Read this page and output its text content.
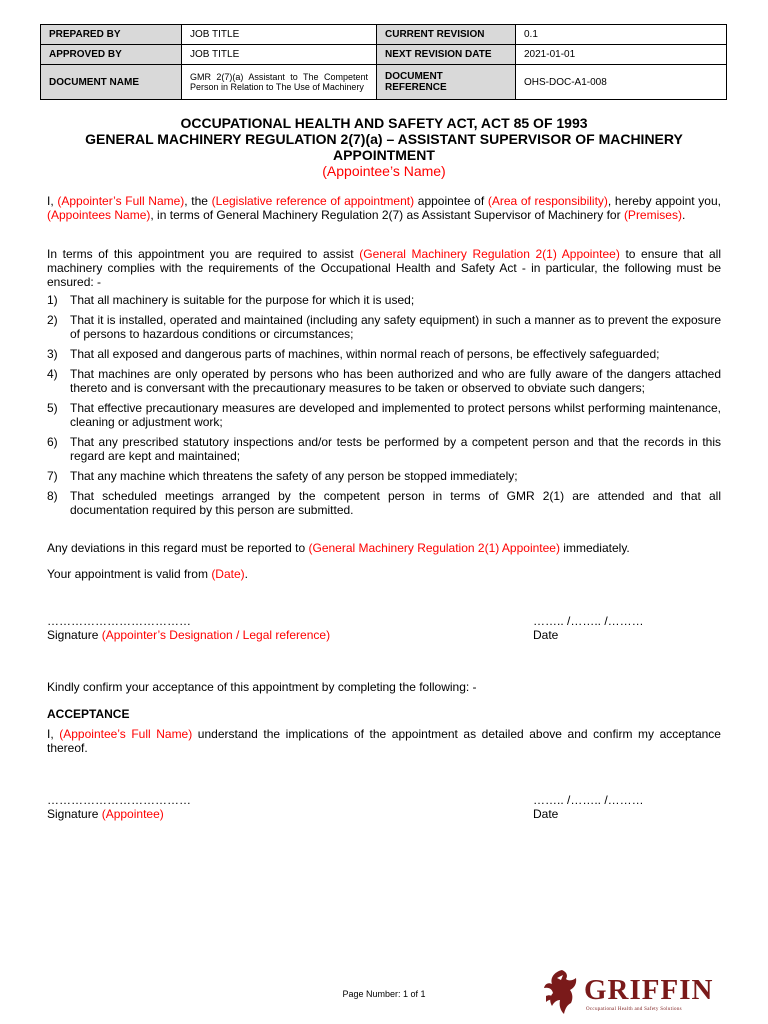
PREPARED BY	JOB TITLE	CURRENT REVISION	0.1
APPROVED BY	JOB TITLE	NEXT REVISION DATE	2021-01-01
DOCUMENT NAME	GMR 2(7)(a) Assistant to The Competent Person in Relation to The Use of Machinery	DOCUMENT REFERENCE	OHS-DOC-A1-008
OCCUPATIONAL HEALTH AND SAFETY ACT, ACT 85 OF 1993
GENERAL MACHINERY REGULATION 2(7)(a) – ASSISTANT SUPERVISOR OF MACHINERY APPOINTMENT
(Appointee’s Name)
I, (Appointer’s Full Name), the (Legislative reference of appointment) appointee of (Area of responsibility), hereby appoint you, (Appointees Name), in terms of General Machinery Regulation 2(7) as Assistant Supervisor of Machinery for (Premises).
In terms of this appointment you are required to assist (General Machinery Regulation 2(1) Appointee) to ensure that all machinery complies with the requirements of the Occupational Health and Safety Act - in particular, the following must be ensured: -
1) That all machinery is suitable for the purpose for which it is used;
2) That it is installed, operated and maintained (including any safety equipment) in such a manner as to prevent the exposure of persons to hazardous conditions or circumstances;
3) That all exposed and dangerous parts of machines, within normal reach of persons, be effectively safeguarded;
4) That machines are only operated by persons who has been authorized and who are fully aware of the dangers attached thereto and is conversant with the precautionary measures to be taken or observed to obviate such dangers;
5) That effective precautionary measures are developed and implemented to protect persons whilst performing maintenance, cleaning or adjustment work;
6) That any prescribed statutory inspections and/or tests be performed by a competent person and that the records in this regard are kept and maintained;
7) That any machine which threatens the safety of any person be stopped immediately;
8) That scheduled meetings arranged by the competent person in terms of GMR 2(1) are attended and that all documentation required by this person are submitted.
Any deviations in this regard must be reported to (General Machinery Regulation 2(1) Appointee) immediately.
Your appointment is valid from (Date).
………………………………
Signature (Appointer’s Designation / Legal reference)
…….. /…….. /………
Date
Kindly confirm your acceptance of this appointment by completing the following: -
ACCEPTANCE
I, (Appointee’s Full Name) understand the implications of the appointment as detailed above and confirm my acceptance thereof.
………………………………
Signature (Appointee)
…….. /…….. /………
Date
Page Number: 1 of 1	GRIFFIN
Occupational Health and Safety Solutions
